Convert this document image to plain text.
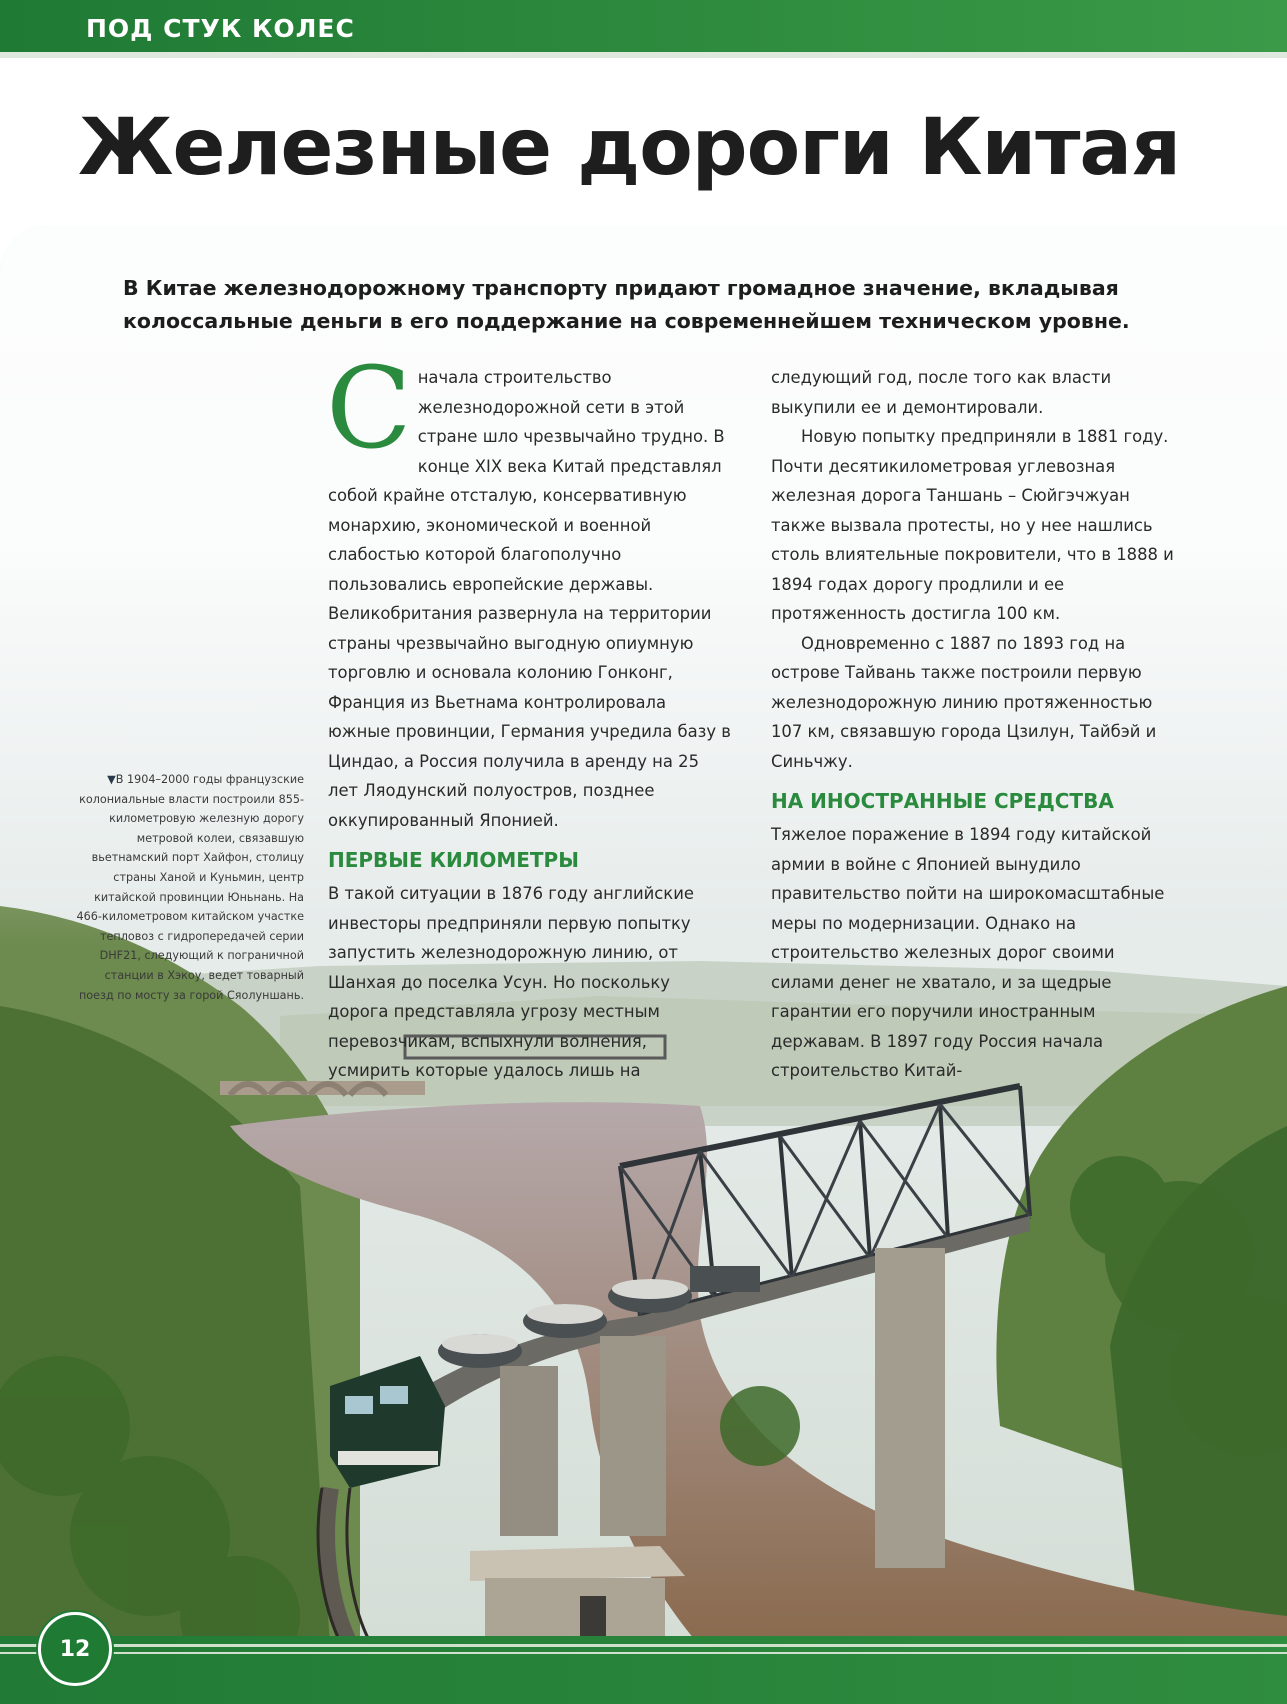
ПОД СТУК КОЛЕС
Железные дороги Китая

В Китае железнодорожному транспорту придают громадное значение, вкладывая колоссальные деньги в его поддержание на современнейшем техническом уровне.

Сначала строительство железнодорожной сети в этой стране шло чрезвычайно трудно. В конце XIX века Китай представлял собой крайне отсталую, консервативную монархию, экономической и военной слабостью которой благополучно пользовались европейские державы. Великобритания развернула на территории страны чрезвычайно выгодную опиумную торговлю и основала колонию Гонконг, Франция из Вьетнама контролировала южные провинции, Германия учредила базу в Циндао, а Россия получила в аренду на 25 лет Ляодунский полуостров, позднее оккупированный Японией.

ПЕРВЫЕ КИЛОМЕТРЫ

В такой ситуации в 1876 году английские инвесторы предприняли первую попытку запустить железнодорожную линию, от Шанхая до поселка Усун. Но поскольку дорога представляла угрозу местным перевозчикам, вспыхнули волнения, усмирить которые удалось лишь на

следующий год, после того как власти выкупили ее и демонтировали.

Новую попытку предприняли в 1881 году. Почти десятикилометровая углевозная железная дорога Таншань – Сюйгэчжуан также вызвала протесты, но у нее нашлись столь влиятельные покровители, что в 1888 и 1894 годах дорогу продлили и ее протяженность достигла 100 км.

Одновременно с 1887 по 1893 год на острове Тайвань также построили первую железнодорожную линию протяженностью 107 км, связавшую города Цзилун, Тайбэй и Синьчжу.

НА ИНОСТРАННЫЕ СРЕДСТВА

Тяжелое поражение в 1894 году китайской армии в войне с Японией вынудило правительство пойти на широкомасштабные меры по модернизации. Однако на строительство железных дорог своими силами денег не хватало, и за щедрые гарантии его поручили иностранным державам. В 1897 году Россия начала строительство Китай-

▼В 1904–2000 годы французские колониальные власти построили 855-километровую железную дорогу метровой колеи, связавшую вьетнамский порт Хайфон, столицу страны Ханой и Куньмин, центр китайской провинции Юньнань. На 466-километровом китайском участке тепловоз с гидропередачей серии DHF21, следующий к пограничной станции в Хэкоу, ведет товарный поезд по мосту за горой Сяолуншань.
12
